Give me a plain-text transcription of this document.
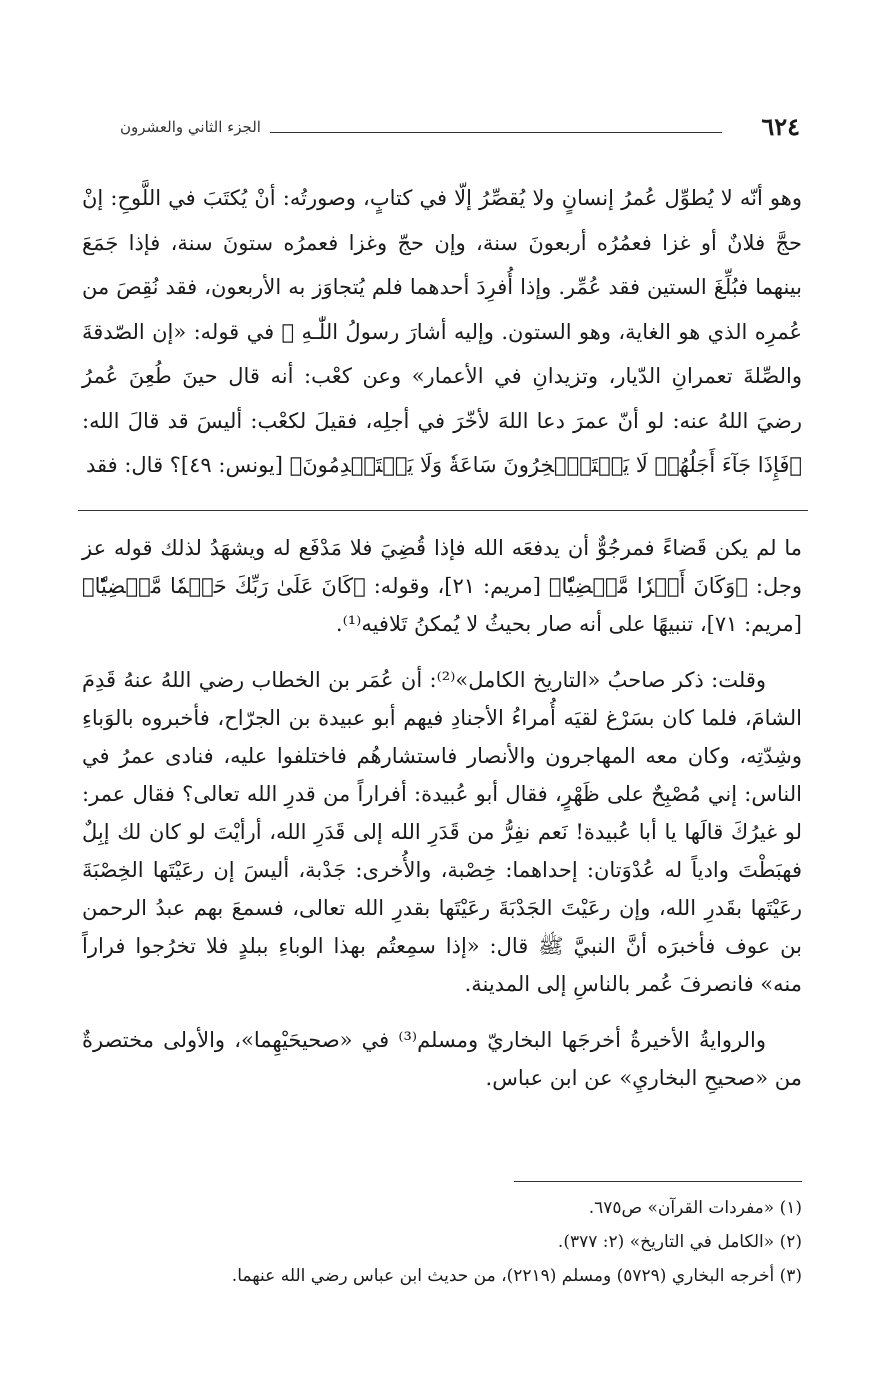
٦٢٤
الجزء الثاني والعشرون

وهو أنّه لا يُطوِّل عُمرُ إنسانٍ ولا يُقصِّرُ إلّا في كتابٍ، وصورتُه: أنْ يُكتَبَ في اللَّوحِ: إنْ حجَّ فلانٌ أو غزا فعمُرُه أربعونَ سنة، وإن حجّ وغزا فعمرُه ستونَ سنة، فإذا جَمَعَ بينهما فبُلِّغَ الستين فقد عُمِّر. وإذا أُفرِدَ أحدهما فلم يُتجاوَز به الأربعون، فقد نُقِصَ من عُمرِه الذي هو الغاية، وهو الستون. وإليه أشارَ رسولُ اللّٰـهِ ﷺ في قوله: «إن الصّدقةَ والصِّلةَ تعمرانِ الدّيار، وتزيدانِ في الأعمار» وعن كعْب: أنه قال حينَ طُعِنَ عُمرُ رضيَ اللهُ عنه: لو أنّ عمرَ دعا اللهَ لأخّرَ في أجلِه، فقيلَ لكعْب: أليسَ قد قالَ الله: ﴿فَإِذَا جَآءَ أَجَلُهُمۡ لَا يَسۡتَـٔۡخِرُونَ سَاعَةٗ وَلَا يَسۡتَقۡدِمُونَ﴾ [يونس: ٤٩]؟ قال: فقد

ما لم يكن قَضاءً فمرجُوٌّ أن يدفعَه الله فإذا قُضِيَ فلا مَدْفَع له ويشهَدُ لذلك قوله عز وجل: ﴿وَكَانَ أَمۡرٗا مَّقۡضِيّٗا﴾ [مريم: ٢١]، وقوله: ﴿كَانَ عَلَىٰ رَبِّكَ حَتۡمٗا مَّقۡضِيّٗا﴾ [مريم: ٧١]، تنبيهًا على أنه صار بحيثُ لا يُمكنُ تَلافيه⁽¹⁾.

وقلت: ذكر صاحبُ «التاريخ الكامل»⁽²⁾: أن عُمَر بن الخطاب رضي اللهُ عنهُ قَدِمَ الشامَ، فلما كان بسَرْغ لقيَه أُمراءُ الأجنادِ فيهم أبو عبيدة بن الجرّاح، فأخبروه بالوَباءِ وشِدّتِه، وكان معه المهاجرون والأنصار فاستشارهُم فاختلفوا عليه، فنادى عمرُ في الناس: إني مُصْبِحٌ على ظَهْرٍ، فقال أبو عُبيدة: أفراراً من قدرِ الله تعالى؟ فقال عمر: لو غيرُكَ قالَها يا أبا عُبيدة! نَعم نفِرُّ من قَدَرِ الله إلى قَدَرِ الله، أرأيْتَ لو كان لك إبِلٌ فهبَطْتَ وادياً له عُدْوَتان: إحداهما: خِصْبة، والأُخرى: جَدْبة، أليسَ إن رعَيْتَها الخِصْبَةَ رعَيْتَها بقَدرِ الله، وإن رعَيْتَ الجَدْبَةَ رعَيْتَها بقدرِ الله تعالى، فسمعَ بهم عبدُ الرحمن بن عوف فأخبرَه أنَّ النبيَّ ﷺ قال: «إذا سمِعتُم بهذا الوباءِ ببلدٍ فلا تخرُجوا فراراً منه» فانصرفَ عُمر بالناسِ إلى المدينة.

والروايةُ الأخيرةُ أخرجَها البخاريّ ومسلم⁽³⁾ في «صحيحَيْهِما»، والأولى مختصرةٌ من «صحيحِ البخاريِ» عن ابن عباس.

(١) «مفردات القرآن» ص٦٧٥.

(٢) «الكامل في التاريخ» (٢: ٣٧٧).

(٣) أخرجه البخاري (٥٧٢٩) ومسلم (٢٢١٩)، من حديث ابن عباس رضي الله عنهما.
